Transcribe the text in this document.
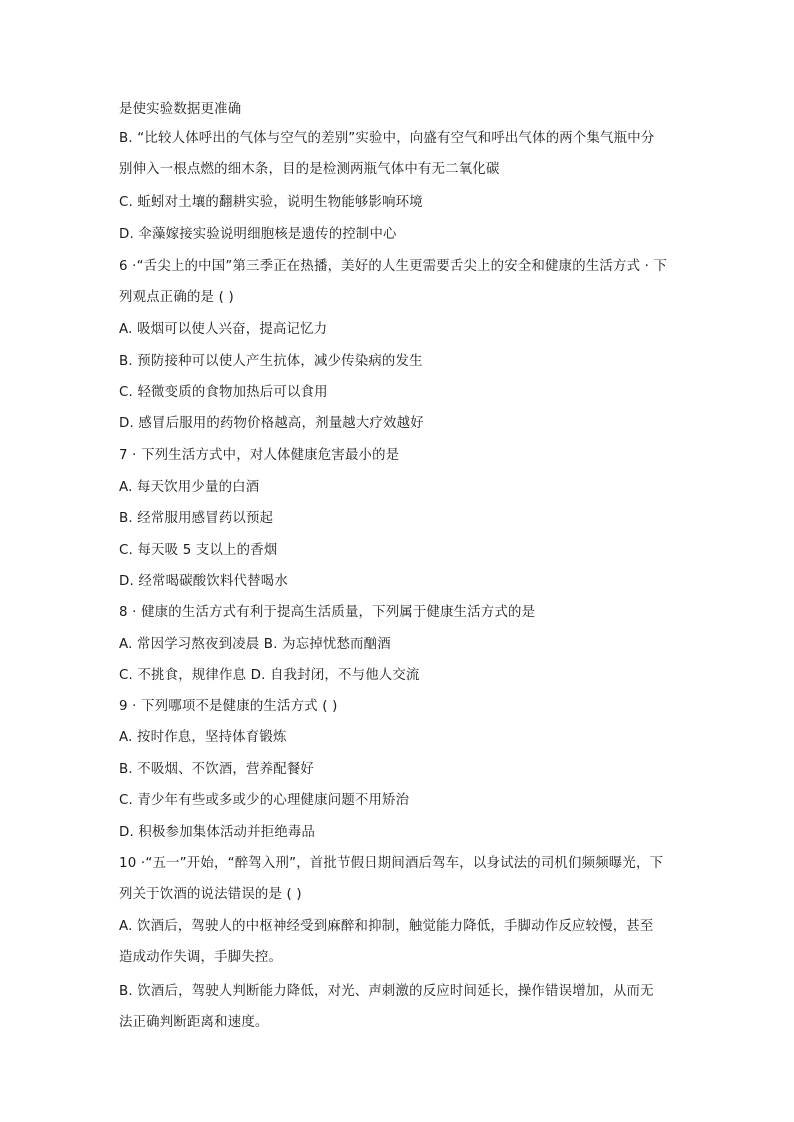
是使实验数据更准确
B. “比较人体呼出的气体与空气的差别”实验中，向盛有空气和呼出气体的两个集气瓶中分
别伸入一根点燃的细木条，目的是检测两瓶气体中有无二氧化碳
C. 蚯蚓对土壤的翻耕实验，说明生物能够影响环境
D. 伞藻嫁接实验说明细胞核是遗传的控制中心
6 ·“舌尖上的中国”第三季正在热播，美好的人生更需要舌尖上的安全和健康的生活方式 · 下
列观点正确的是 ( )
A. 吸烟可以使人兴奋，提高记忆力
B. 预防接种可以使人产生抗体，减少传染病的发生
C. 轻微变质的食物加热后可以食用
D. 感冒后服用的药物价格越高，剂量越大疗效越好
7 · 下列生活方式中，对人体健康危害最小的是
A. 每天饮用少量的白酒
B. 经常服用感冒药以预起
C. 每天吸 5 支以上的香烟
D. 经常喝碳酸饮料代替喝水
8 · 健康的生活方式有利于提高生活质量，下列属于健康生活方式的是
A. 常因学习熬夜到凌晨 B. 为忘掉忧愁而酗酒
C. 不挑食，规律作息 D. 自我封闭，不与他人交流
9 · 下列哪项不是健康的生活方式 ( )
A. 按时作息，坚持体育锻炼
B. 不吸烟、不饮酒，营养配餐好
C. 青少年有些或多或少的心理健康问题不用矫治
D. 积极参加集体活动并拒绝毒品
10 ·“五一”开始，“醉驾入刑”，首批节假日期间酒后驾车，以身试法的司机们频频曝光，下
列关于饮酒的说法错误的是 ( )
A. 饮酒后，驾驶人的中枢神经受到麻醉和抑制，触觉能力降低，手脚动作反应较慢，甚至
造成动作失调，手脚失控。
B. 饮酒后，驾驶人判断能力降低，对光、声刺激的反应时间延长，操作错误增加，从而无
法正确判断距离和速度。
